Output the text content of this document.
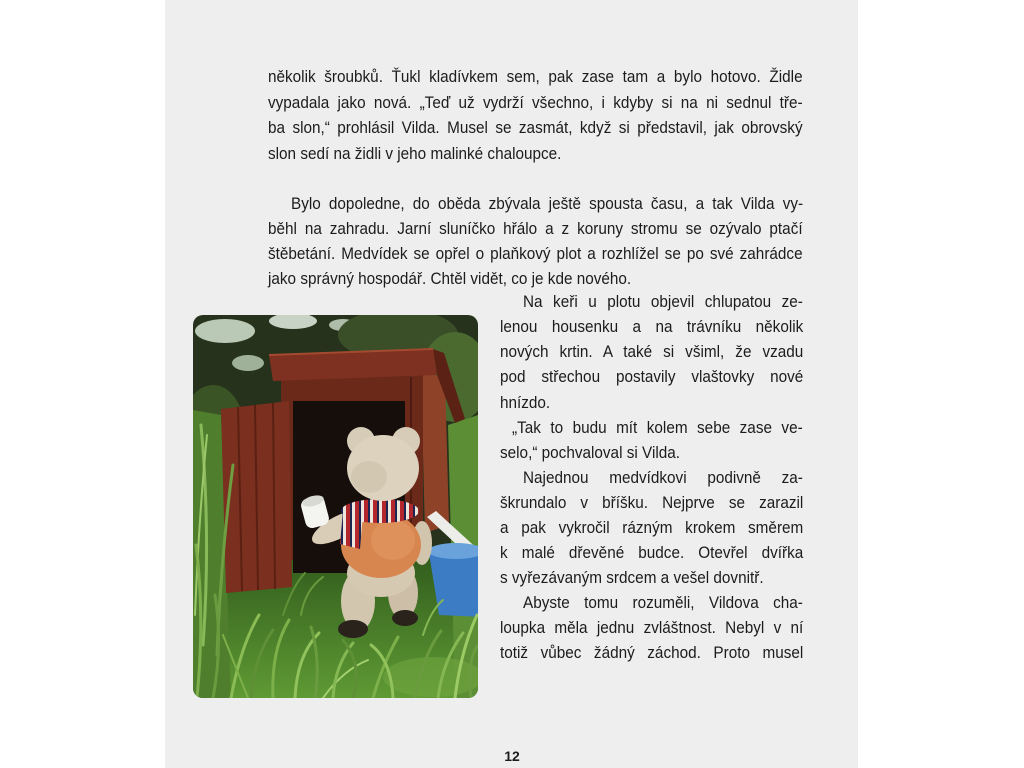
několik šroubků. Ťukl kladívkem sem, pak zase tam a bylo hotovo. Židle
vypadala jako nová. „Teď už vydrží všechno, i kdyby si na ni sednul tře-
ba slon,“ prohlásil Vilda. Musel se zasmát, když si představil, jak obrovský
slon sedí na židli v jeho malinké chaloupce.
Bylo dopoledne, do oběda zbývala ještě spousta času, a tak Vilda vy-
běhl na zahradu. Jarní sluníčko hřálo a z koruny stromu se ozývalo ptačí
štěbetání. Medvídek se opřel o plaňkový plot a rozhlížel se po své zahrádce
jako správný hospodář. Chtěl vidět, co je kde nového.
Na keři u plotu objevil chlupatou ze-
lenou housenku a na trávníku několik
nových krtin. A také si všiml, že vzadu
pod střechou postavily vlaštovky nové
hnízdo.
„Tak to budu mít kolem sebe zase ve-
selo,“ pochvaloval si Vilda.
Najednou medvídkovi podivně za-
škrundalo v bříšku. Nejprve se zarazil
a pak vykročil rázným krokem směrem
k malé dřevěné budce. Otevřel dvířka
s vyřezávaným srdcem a vešel dovnitř.
Abyste tomu rozuměli, Vildova cha-
loupka měla jednu zvláštnost. Nebyl v ní
totiž vůbec žádný záchod. Proto musel
12
